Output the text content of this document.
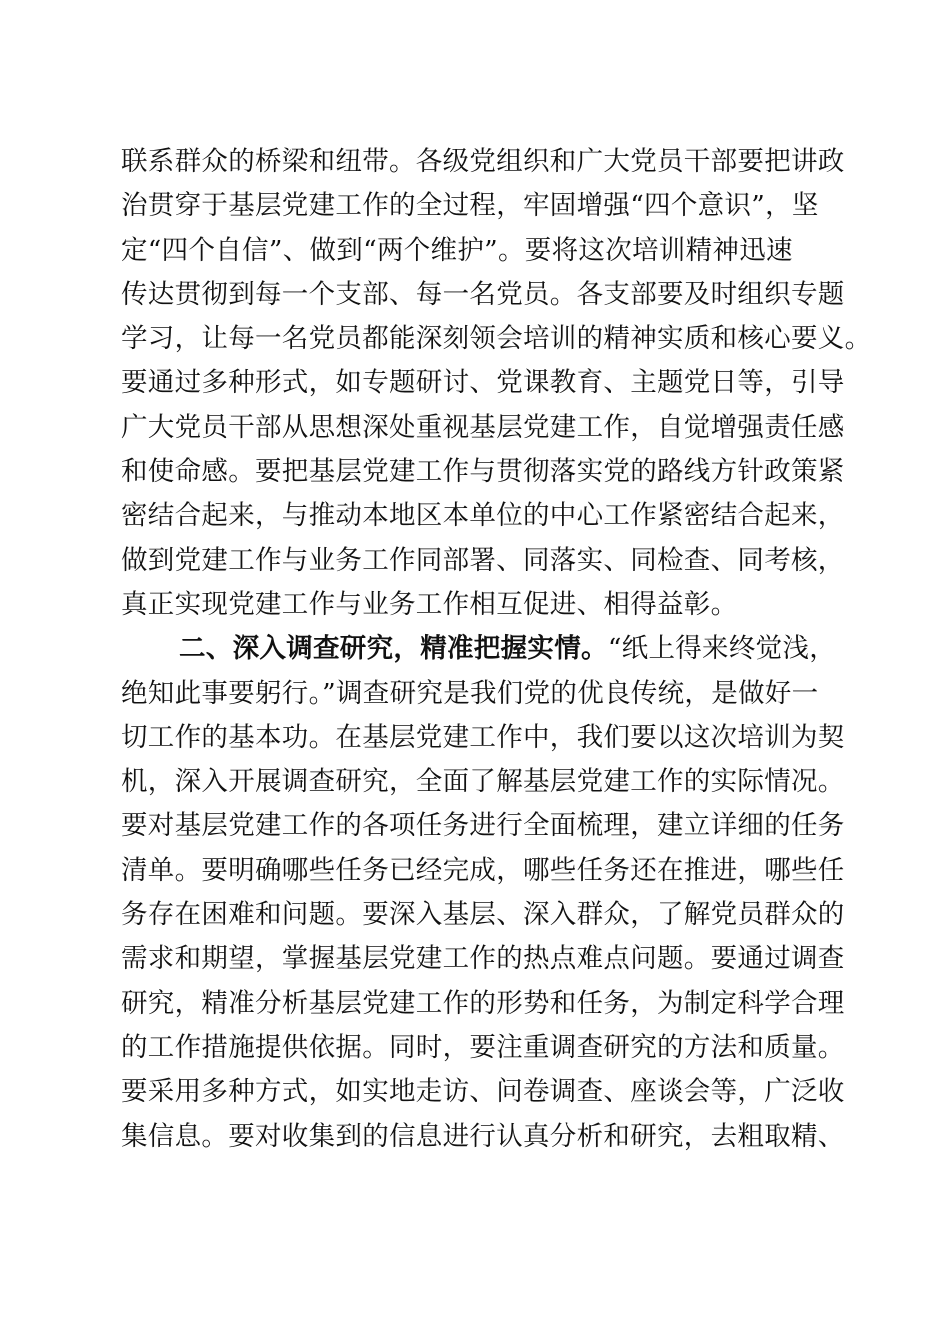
联系群众的桥梁和纽带。各级党组织和广大党员干部要把讲政
治贯穿于基层党建工作的全过程，牢固增强“四个意识”，坚
定“四个自信”、做到“两个维护”。要将这次培训精神迅速
传达贯彻到每一个支部、每一名党员。各支部要及时组织专题
学习，让每一名党员都能深刻领会培训的精神实质和核心要义。
要通过多种形式，如专题研讨、党课教育、主题党日等，引导
广大党员干部从思想深处重视基层党建工作，自觉增强责任感
和使命感。要把基层党建工作与贯彻落实党的路线方针政策紧
密结合起来，与推动本地区本单位的中心工作紧密结合起来，
做到党建工作与业务工作同部署、同落实、同检查、同考核，
真正实现党建工作与业务工作相互促进、相得益彰。
二、深入调查研究，精准把握实情。“纸上得来终觉浅，
绝知此事要躬行。”调查研究是我们党的优良传统，是做好一
切工作的基本功。在基层党建工作中，我们要以这次培训为契
机，深入开展调查研究，全面了解基层党建工作的实际情况。
要对基层党建工作的各项任务进行全面梳理，建立详细的任务
清单。要明确哪些任务已经完成，哪些任务还在推进，哪些任
务存在困难和问题。要深入基层、深入群众，了解党员群众的
需求和期望，掌握基层党建工作的热点难点问题。要通过调查
研究，精准分析基层党建工作的形势和任务，为制定科学合理
的工作措施提供依据。同时，要注重调查研究的方法和质量。
要采用多种方式，如实地走访、问卷调查、座谈会等，广泛收
集信息。要对收集到的信息进行认真分析和研究，去粗取精、
